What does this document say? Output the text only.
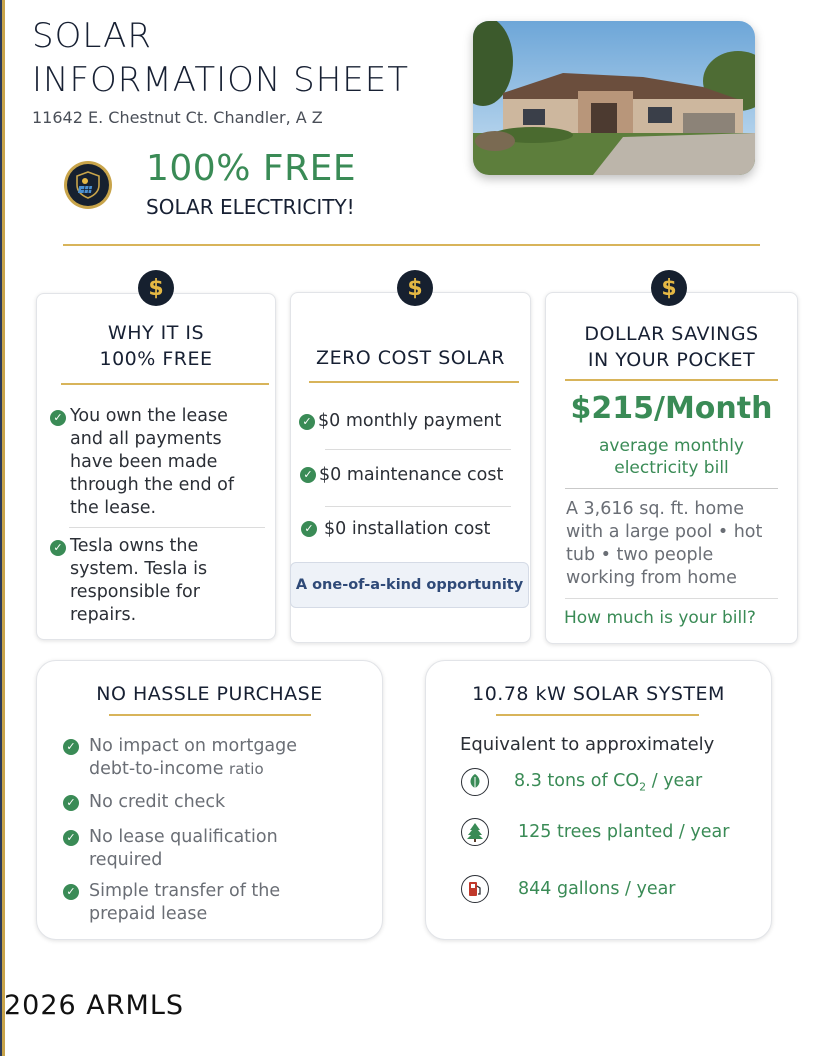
SOLAR
INFORMATION SHEET
11642 E. Chestnut Ct. Chandler, A Z
100% FREE
SOLAR ELECTRICITY!
WHY IT IS
100% FREE
✓ You own the lease and all payments have been made through the end of the lease.
✓ Tesla owns the system. Tesla is responsible for repairs.
$
ZERO COST SOLAR
✓ $0 monthly payment
✓ $0 maintenance cost
✓ $0 installation cost
A one-of-a-kind opportunity
$
DOLLAR SAVINGS
IN YOUR POCKET
$215/Month
average monthly
electricity bill
A 3,616 sq. ft. home with a large pool • hot tub • two people working from home
How much is your bill?
$
NO HASSLE PURCHASE
✓ No impact on mortgage
debt-to-income ratio
✓ No credit check
✓ No lease qualification
required
✓ Simple transfer of the
prepaid lease
10.78 kW SOLAR SYSTEM
Equivalent to approximately
8.3 tons of $CO_2$ / year
125 trees planted / year
844 gallons / year
2026 ARMLS
